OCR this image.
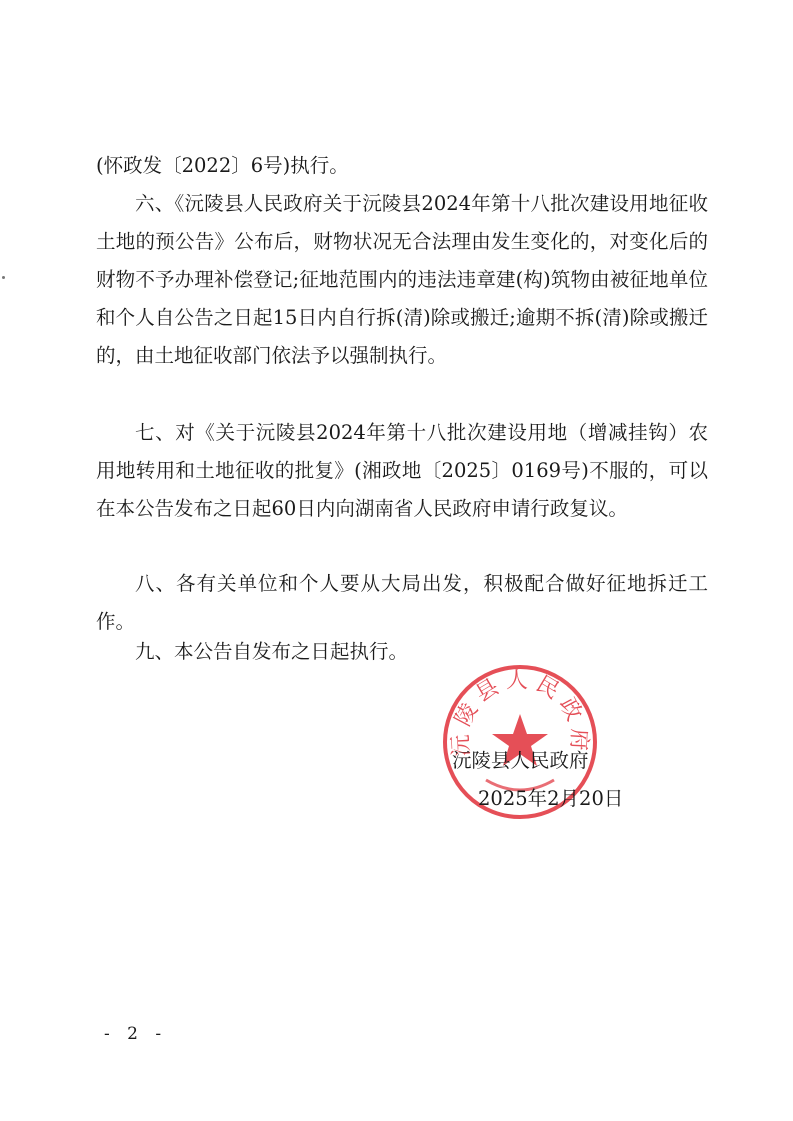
(怀政发〔2022〕6号)执行。

六、《沅陵县人民政府关于沅陵县2024年第十八批次建设用地征收土地的预公告》公布后，财物状况无合法理由发生变化的，对变化后的财物不予办理补偿登记;征地范围内的违法违章建(构)筑物由被征地单位和个人自公告之日起15日内自行拆(清)除或搬迁;逾期不拆(清)除或搬迁的，由土地征收部门依法予以强制执行。

七、对《关于沅陵县2024年第十八批次建设用地（增减挂钩）农用地转用和土地征收的批复》(湘政地〔2025〕0169号)不服的，可以在本公告发布之日起60日内向湖南省人民政府申请行政复议。

八、各有关单位和个人要从大局出发，积极配合做好征地拆迁工作。

九、本公告自发布之日起执行。

沅陵县人民政府
沅陵县人民政府
2025年2月20日
- 2 -
